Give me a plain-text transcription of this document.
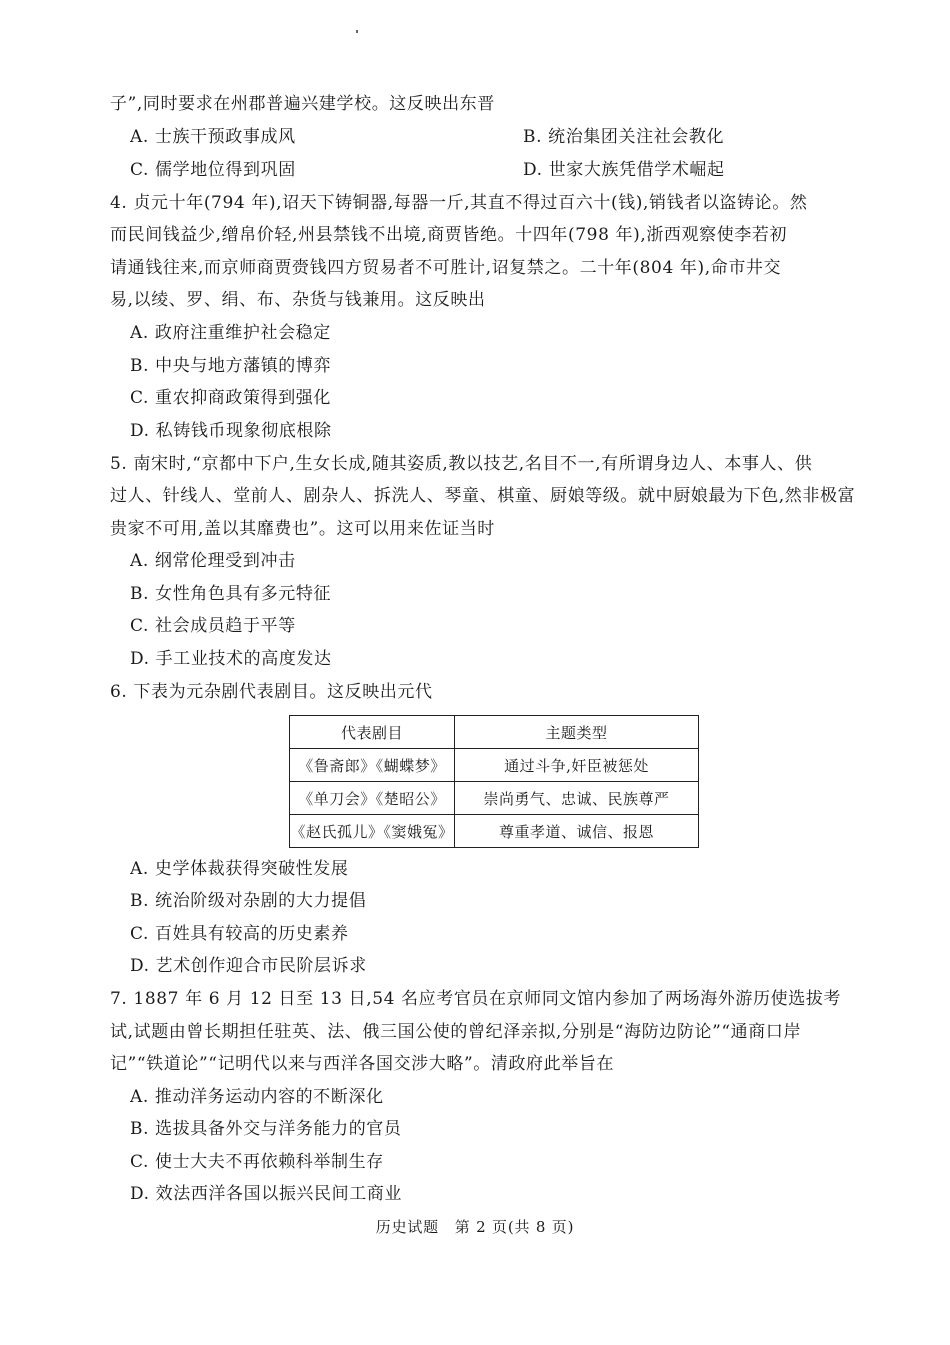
子”,同时要求在州郡普遍兴建学校。这反映出东晋
A. 士族干预政事成风	B. 统治集团关注社会教化
C. 儒学地位得到巩固	D. 世家大族凭借学术崛起
4. 贞元十年(794 年),诏天下铸铜器,每器一斤,其直不得过百六十(钱),销钱者以盗铸论。然
而民间钱益少,缯帛价轻,州县禁钱不出境,商贾皆绝。十四年(798 年),浙西观察使李若初
请通钱往来,而京师商贾赍钱四方贸易者不可胜计,诏复禁之。二十年(804 年),命市井交
易,以绫、罗、绢、布、杂货与钱兼用。这反映出
A. 政府注重维护社会稳定
B. 中央与地方藩镇的博弈
C. 重农抑商政策得到强化
D. 私铸钱币现象彻底根除
5. 南宋时,“京都中下户,生女长成,随其姿质,教以技艺,名目不一,有所谓身边人、本事人、供
过人、针线人、堂前人、剧杂人、拆洗人、琴童、棋童、厨娘等级。就中厨娘最为下色,然非极富
贵家不可用,盖以其靡费也”。这可以用来佐证当时
A. 纲常伦理受到冲击
B. 女性角色具有多元特征
C. 社会成员趋于平等
D. 手工业技术的高度发达
6. 下表为元杂剧代表剧目。这反映出元代
代表剧目	主题类型
《鲁斋郎》《蝴蝶梦》	通过斗争,奸臣被惩处
《单刀会》《楚昭公》	崇尚勇气、忠诚、民族尊严
《赵氏孤儿》《窦娥冤》	尊重孝道、诚信、报恩
A. 史学体裁获得突破性发展
B. 统治阶级对杂剧的大力提倡
C. 百姓具有较高的历史素养
D. 艺术创作迎合市民阶层诉求
7. 1887 年 6 月 12 日至 13 日,54 名应考官员在京师同文馆内参加了两场海外游历使选拔考
试,试题由曾长期担任驻英、法、俄三国公使的曾纪泽亲拟,分别是“海防边防论”“通商口岸
记”“铁道论”“记明代以来与西洋各国交涉大略”。清政府此举旨在
A. 推动洋务运动内容的不断深化
B. 选拔具备外交与洋务能力的官员
C. 使士大夫不再依赖科举制生存
D. 效法西洋各国以振兴民间工商业
历史试题　第 2 页(共 8 页)
